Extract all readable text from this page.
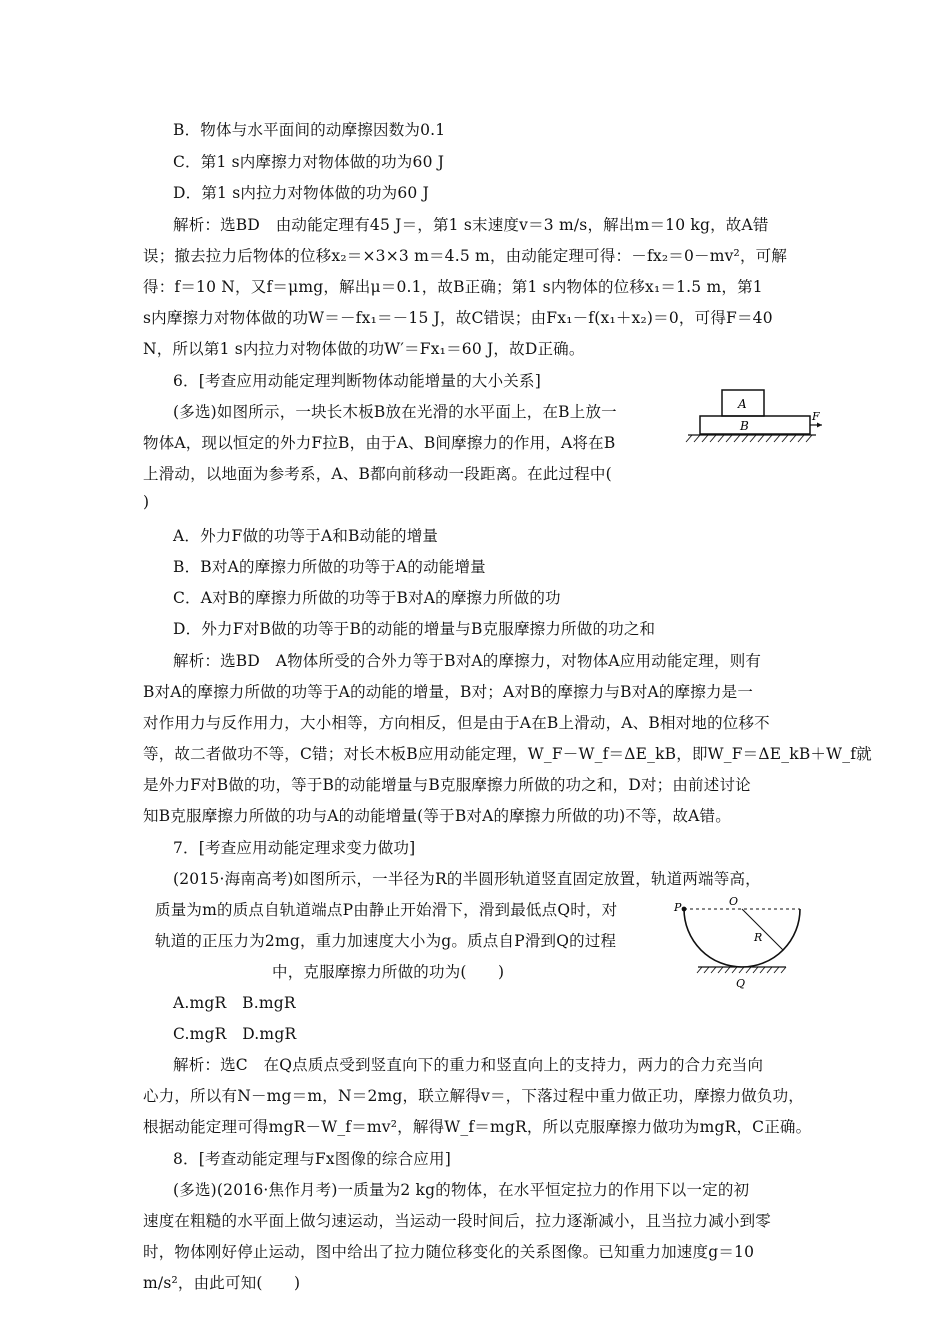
B．物体与水平面间的动摩擦因数为0.1
C．第1 s内摩擦力对物体做的功为60 J
D．第1 s内拉力对物体做的功为60 J
解析：选BD　由动能定理有45 J＝，第1 s末速度v＝3 m/s，解出m＝10 kg，故A错
误；撤去拉力后物体的位移x₂＝×3×3 m＝4.5 m，由动能定理可得：－fx₂＝0－mv²，可解
得：f＝10 N，又f＝μmg，解出μ＝0.1，故B正确；第1 s内物体的位移x₁＝1.5 m，第1
s内摩擦力对物体做的功W＝－fx₁＝－15 J，故C错误；由Fx₁－f(x₁＋x₂)＝0，可得F＝40
N，所以第1 s内拉力对物体做的功W′＝Fx₁＝60 J，故D正确。
6．[考查应用动能定理判断物体动能增量的大小关系]
(多选)如图所示，一块长木板B放在光滑的水平面上，在B上放一
物体A，现以恒定的外力F拉B，由于A、B间摩擦力的作用，A将在B
上滑动，以地面为参考系，A、B都向前移动一段距离。在此过程中(
)
A
B
F
A．外力F做的功等于A和B动能的增量
B．B对A的摩擦力所做的功等于A的动能增量
C．A对B的摩擦力所做的功等于B对A的摩擦力所做的功
D．外力F对B做的功等于B的动能的增量与B克服摩擦力所做的功之和
解析：选BD　A物体所受的合外力等于B对A的摩擦力，对物体A应用动能定理，则有
B对A的摩擦力所做的功等于A的动能的增量，B对；A对B的摩擦力与B对A的摩擦力是一
对作用力与反作用力，大小相等，方向相反，但是由于A在B上滑动，A、B相对地的位移不
等，故二者做功不等，C错；对长木板B应用动能定理，W_F－W_f＝ΔE_kB，即W_F＝ΔE_kB＋W_f就
是外力F对B做的功，等于B的动能增量与B克服摩擦力所做的功之和，D对；由前述讨论
知B克服摩擦力所做的功与A的动能增量(等于B对A的摩擦力所做的功)不等，故A错。
7．[考查应用动能定理求变力做功]
(2015·海南高考)如图所示，一半径为R的半圆形轨道竖直固定放置，轨道两端等高，
质量为m的质点自轨道端点P由静止开始滑下，滑到最低点Q时，对
轨道的正压力为2mg，重力加速度大小为g。质点自P滑到Q的过程
中，克服摩擦力所做的功为(　　)
P	O
R
Q
A.mgR　B.mgR
C.mgR　D.mgR
解析：选C　在Q点质点受到竖直向下的重力和竖直向上的支持力，两力的合力充当向
心力，所以有N－mg＝m，N＝2mg，联立解得v＝，下落过程中重力做正功，摩擦力做负功，
根据动能定理可得mgR－W_f＝mv²，解得W_f＝mgR，所以克服摩擦力做功为mgR，C正确。
8．[考查动能定理与Fx图像的综合应用]
(多选)(2016·焦作月考)一质量为2 kg的物体，在水平恒定拉力的作用下以一定的初
速度在粗糙的水平面上做匀速运动，当运动一段时间后，拉力逐渐减小，且当拉力减小到零
时，物体刚好停止运动，图中给出了拉力随位移变化的关系图像。已知重力加速度g＝10
m/s²，由此可知(　　)
